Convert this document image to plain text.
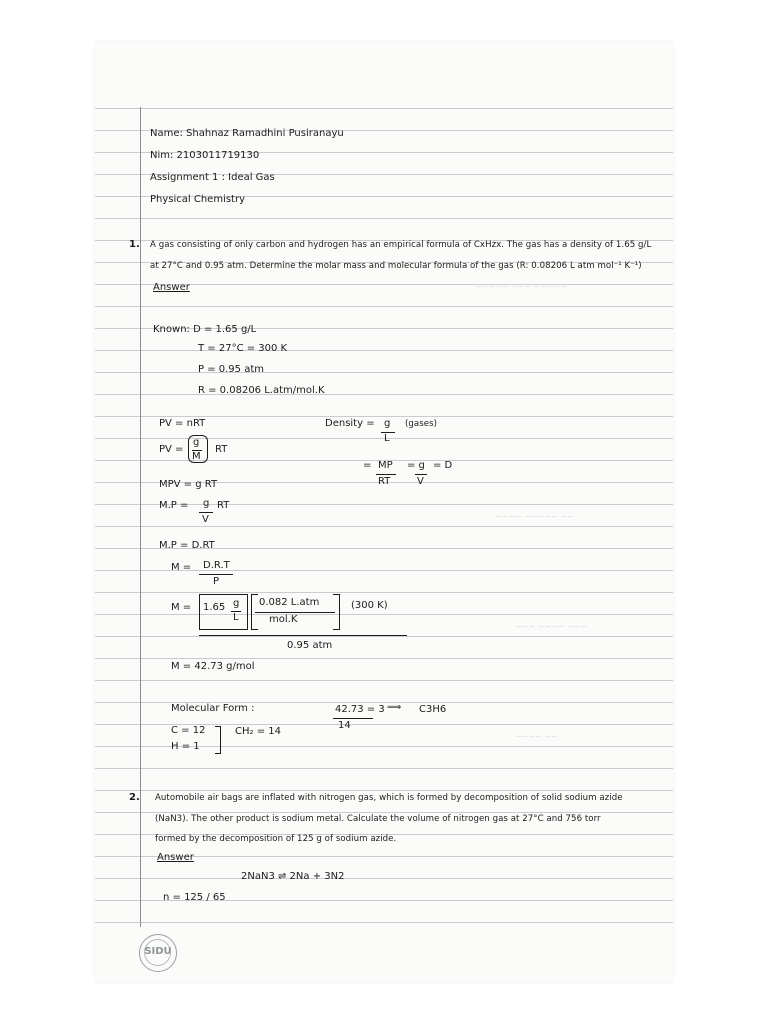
~~~~~ ~~~ ~~~~~
~~~~ ~~~~~ ~~
~~~ ~~~~ ~~~
~~~~ ~~
Name: Shahnaz Ramadhini Pusiranayu
Nim: 2103011719130
Assignment 1 : Ideal Gas
Physical Chemistry
1. A gas consisting of only carbon and hydrogen has an empirical formula of CxHzx. The gas has a density of 1.65 g/L
at 27°C and 0.95 atm. Determine the molar mass and molecular formula of the gas (R: 0.08206 L atm mol⁻¹ K⁻¹)
Answer
Known: D = 1.65 g/L
T = 27°C = 300 K
P = 0.95 atm
R = 0.08206 L.atm/mol.K
PV = nRT
PV =
g
M
RT
Density = g
L
(gases)
= MP
RT
= g
V
= D
MPV = g RT
M.P = g RT
V
M.P = D.RT
M = D.R.T
P
M = 1.65 g
L
0.082 L.atm
mol.K
(300 K)
0.95 atm
M = 42.73 g/mol
Molecular Form :
C = 12
H = 1
CH₂ = 14
42.73 = 3
14
⟹ C3H6
2. Automobile air bags are inflated with nitrogen gas, which is formed by decomposition of solid sodium azide
(NaN3). The other product is sodium metal. Calculate the volume of nitrogen gas at 27°C and 756 torr
formed by the decomposition of 125 g of sodium azide.
Answer
2NaN3 ⇌ 2Na + 3N2
n = 125 / 65
SIDU
